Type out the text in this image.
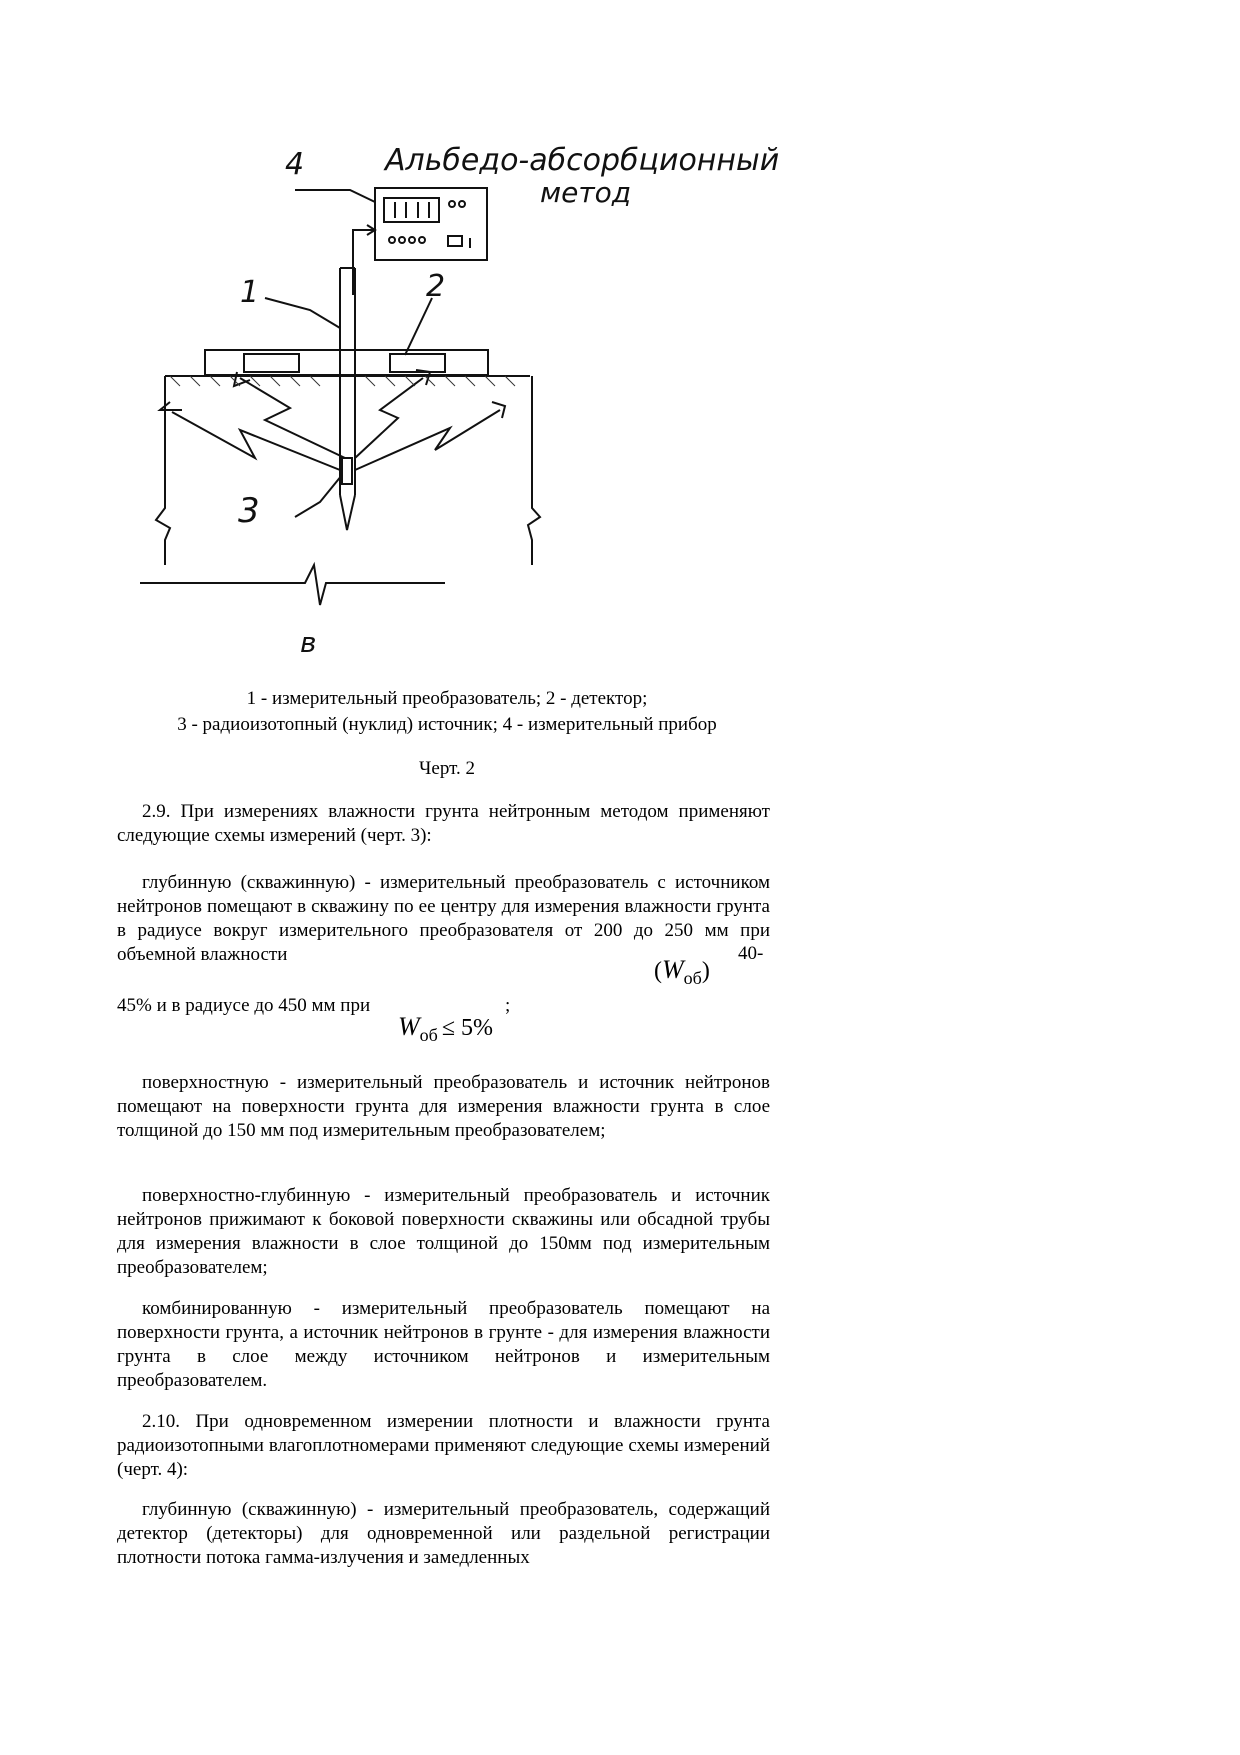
4	Альбедо-абсорбционный
метод
1	2
3
в
1 - измерительный преобразователь; 2 - детектор;
3 - радиоизотопный (нуклид) источник; 4 - измерительный прибор
Черт. 2

2.9. При измерениях влажности грунта нейтронным методом применяют следующие схемы измерений (черт. 3):

глубинную (скважинную) - измерительный преобразователь с источником нейтронов помещают в скважину по ее центру для измерения влажности грунта в радиусе вокруг измерительного преобразователя от 200 до 250 мм при объемной влажности	40-
$(W_{об})$
45% и в радиусе до 450 мм при	;
$W_{об} \le 5\%$

поверхностную - измерительный преобразователь и источник нейтронов помещают на поверхности грунта для измерения влажности грунта в слое толщиной до 150 мм под измерительным преобразователем;

поверхностно-глубинную - измерительный преобразователь и источник нейтронов прижимают к боковой поверхности скважины или обсадной трубы для измерения влажности в слое толщиной до 150мм под измерительным преобразователем;

комбинированную - измерительный преобразователь помещают на поверхности грунта, а источник нейтронов в грунте - для измерения влажности грунта в слое между источником нейтронов и измерительным преобразователем.

2.10. При одновременном измерении плотности и влажности грунта радиоизотопными влагоплотномерами применяют следующие схемы измерений (черт. 4):

глубинную (скважинную) - измерительный преобразователь, содержащий детектор (детекторы) для одновременной или раздельной регистрации плотности потока гамма-излучения и замедленных
